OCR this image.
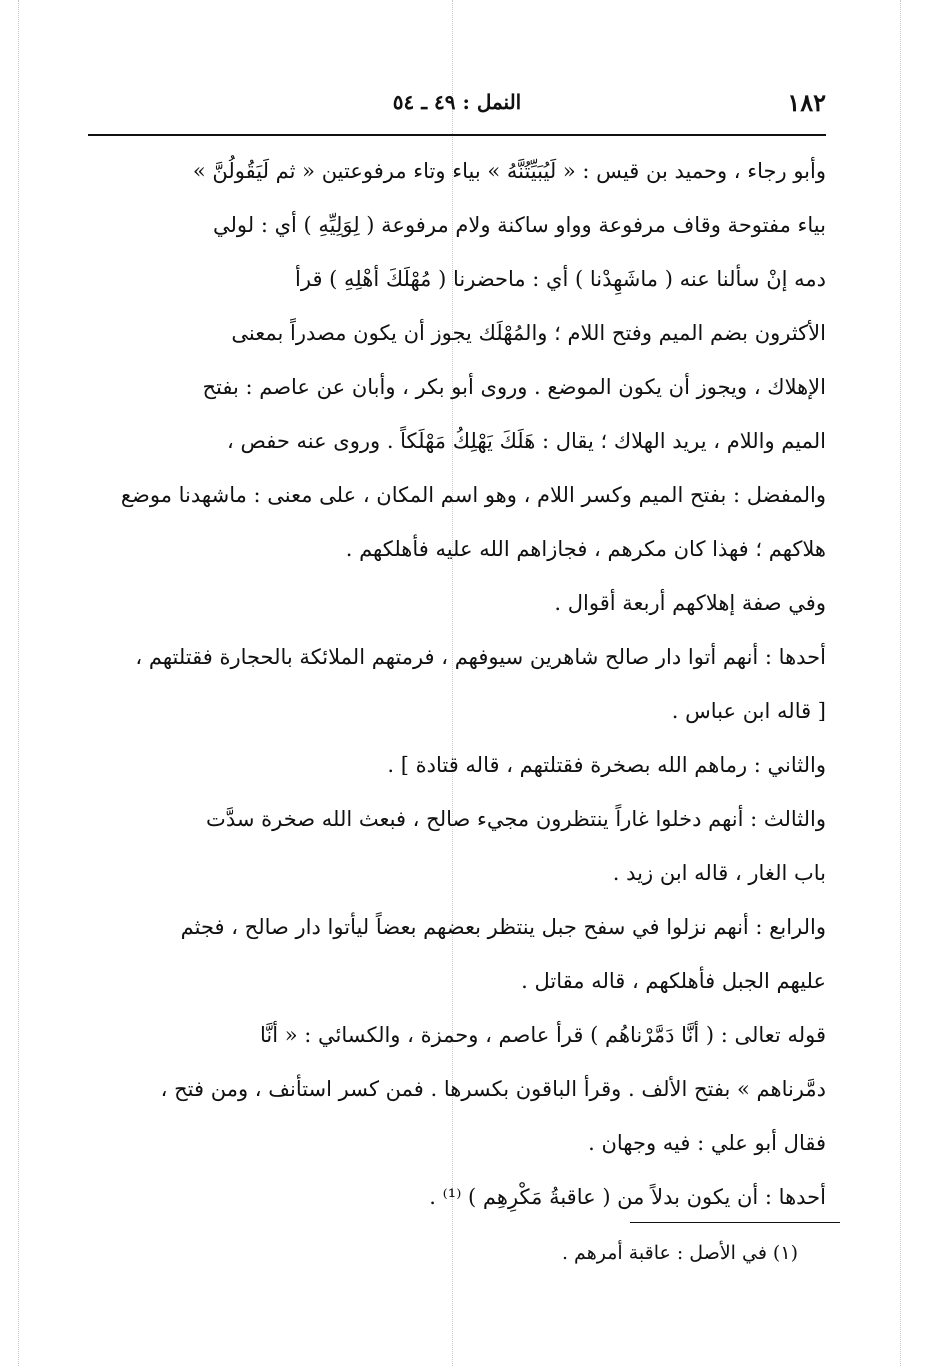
١٨٢
النمل : ٤٩ ـ ٥٤
وأبو رجاء ، وحميد بن قيس : « لَيُبَيِّتُنَّهُ » بياء وتاء مرفوعتين « ثم لَيَقُولُنَّ »
بياء مفتوحة وقاف مرفوعة وواو ساكنة ولام مرفوعة ( لِوَلِيِّهِ ) أي : لولي
دمه إنْ سألنا عنه ( ماشَهِدْنا ) أي : ماحضرنا ( مُهْلَكَ أهْلِهِ ) قرأ
الأكثرون بضم الميم وفتح اللام ؛ والمُهْلَك يجوز أن يكون مصدراً بمعنى
الإهلاك ، ويجوز أن يكون الموضع . وروى أبو بكر ، وأبان عن عاصم : بفتح
الميم واللام ، يريد الهلاك ؛ يقال : هَلَكَ يَهْلِكُ مَهْلَكاً . وروى عنه حفص ،
والمفضل : بفتح الميم وكسر اللام ، وهو اسم المكان ، على معنى : ماشهدنا موضع
هلاكهم ؛ فهذا كان مكرهم ، فجازاهم الله عليه فأهلكهم .
وفي صفة إهلاكهم أربعة أقوال .
أحدها : أنهم أتوا دار صالح شاهرين سيوفهم ، فرمتهم الملائكة بالحجارة فقتلتهم ،
[ قاله ابن عباس .
والثاني : رماهم الله بصخرة فقتلتهم ، قاله قتادة ] .
والثالث : أنهم دخلوا غاراً ينتظرون مجيء صالح ، فبعث الله صخرة سدَّت
باب الغار ، قاله ابن زيد .
والرابع : أنهم نزلوا في سفح جبل ينتظر بعضهم بعضاً ليأتوا دار صالح ، فجثم
عليهم الجبل فأهلكهم ، قاله مقاتل .
قوله تعالى : ( أنَّا دَمَّرْناهُم ) قرأ عاصم ، وحمزة ، والكسائي : « أنَّا
دمَّرناهم » بفتح الألف . وقرأ الباقون بكسرها . فمن كسر استأنف ، ومن فتح ،
فقال أبو علي : فيه وجهان .
أحدها : أن يكون بدلاً من ( عاقبةُ مَكْرِهِم ) ⁽¹⁾ .
(١) في الأصل : عاقبة أمرهم .
